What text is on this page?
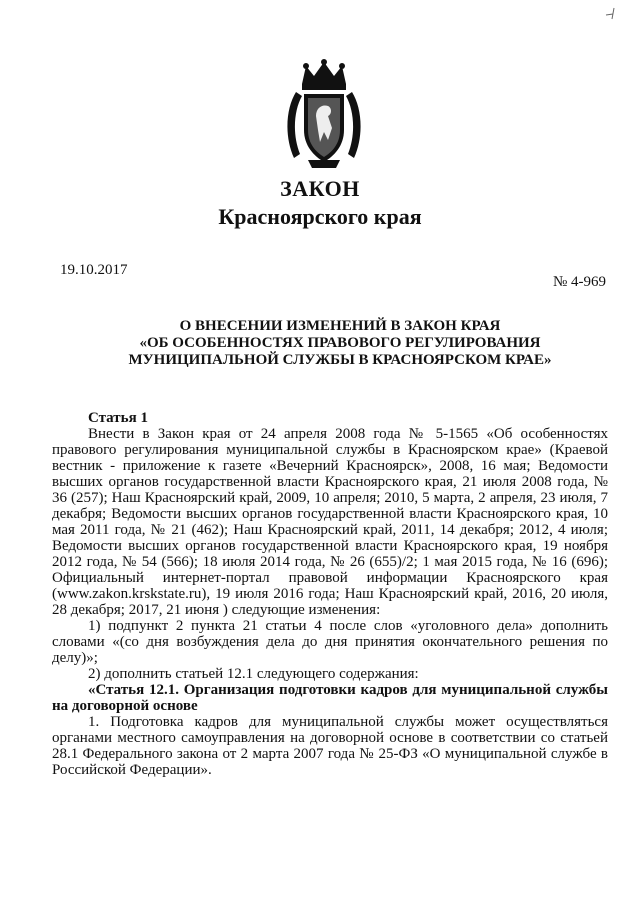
ЗАКОН
Красноярского края
19.10.2017
№ 4-969
О ВНЕСЕНИИ ИЗМЕНЕНИЙ В ЗАКОН КРАЯ
«ОБ ОСОБЕННОСТЯХ ПРАВОВОГО РЕГУЛИРОВАНИЯ
МУНИЦИПАЛЬНОЙ СЛУЖБЫ В КРАСНОЯРСКОМ КРАЕ»

Статья 1

Внести в Закон края от 24 апреля 2008 года № 5-1565 «Об особенностях правового регулирования муниципальной службы в Красноярском крае» (Краевой вестник - приложение к газете «Вечерний Красноярск», 2008, 16 мая; Ведомости высших органов государственной власти Красноярского края, 21 июля 2008 года, № 36 (257); Наш Красноярский край, 2009, 10 апреля; 2010, 5 марта, 2 апреля, 23 июля, 7 декабря; Ведомости высших органов государственной власти Красноярского края, 10 мая 2011 года, № 21 (462); Наш Красноярский край, 2011, 14 декабря; 2012, 4 июля; Ведомости высших органов государственной власти Красноярского края, 19 ноября 2012 года, № 54 (566); 18 июля 2014 года, № 26 (655)/2; 1 мая 2015 года, № 16 (696); Официальный интернет-портал правовой информации Красноярского края (www.zakon.krskstate.ru), 19 июля 2016 года; Наш Красноярский край, 2016, 20 июля, 28 декабря; 2017, 21 июня ) следующие изменения:

1) подпункт 2 пункта 21 статьи 4 после слов «уголовного дела» дополнить словами «(со дня возбуждения дела до дня принятия окончательного решения по делу)»;

2) дополнить статьей 12.1 следующего содержания:

«Статья 12.1. Организация подготовки кадров для муниципальной службы на договорной основе

1. Подготовка кадров для муниципальной службы может осуществляться органами местного самоуправления на договорной основе в соответствии со статьей 28.1 Федерального закона от 2 марта 2007 года № 25-ФЗ «О муниципальной службе в Российской Федерации».
